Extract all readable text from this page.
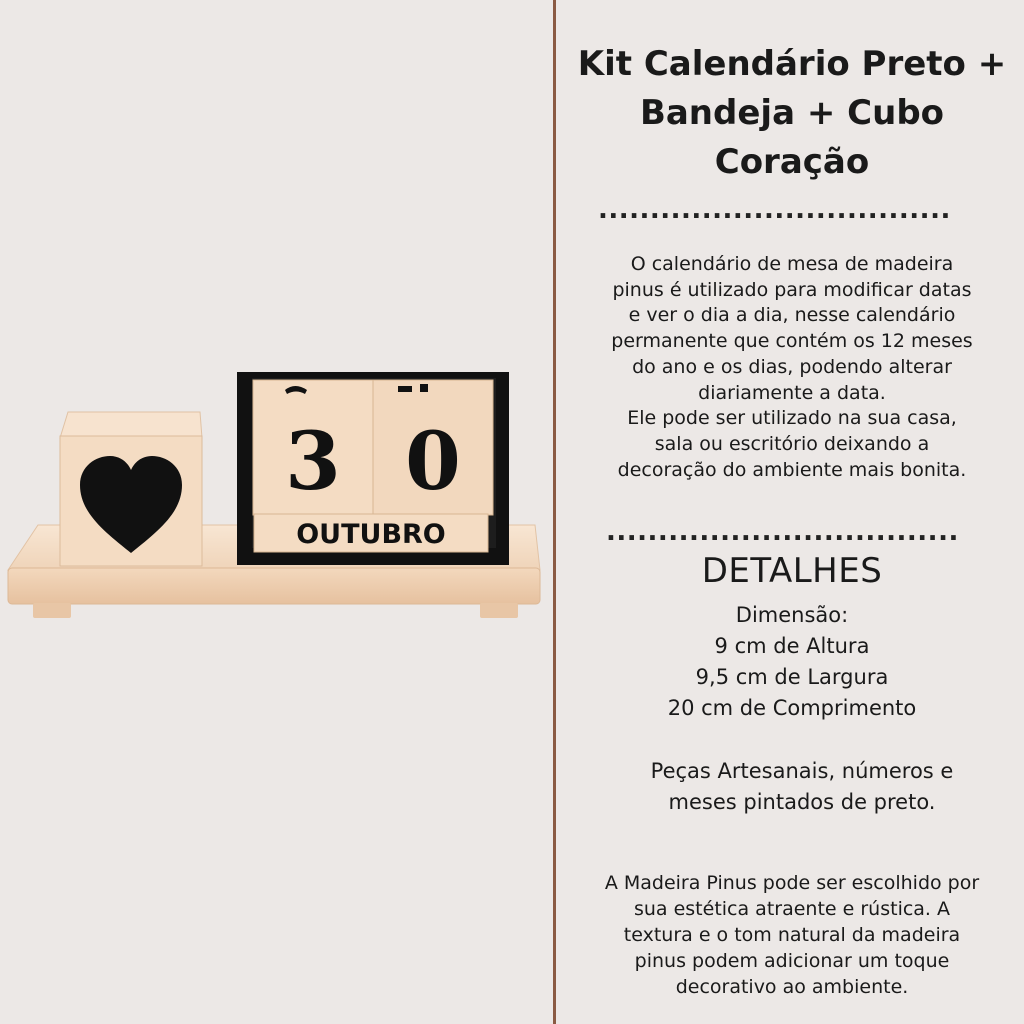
3 0
OUTUBRO
Kit Calendário Preto +
Bandeja + Cubo
Coração
..................................

O calendário de mesa de madeira

pinus é utilizado para modificar datas

e ver o dia a dia, nesse calendário

permanente que contém os 12 meses

do ano e os dias, podendo alterar

diariamente a data.

Ele pode ser utilizado na sua casa,

sala ou escritório deixando a

decoração do ambiente mais bonita.

..................................
DETALHES
Dimensão:
9 cm de Altura
9,5 cm de Largura
20 cm de Comprimento
Peças Artesanais, números e
meses pintados de preto.
A Madeira Pinus pode ser escolhido por
sua estética atraente e rústica. A
textura e o tom natural da madeira
pinus podem adicionar um toque
decorativo ao ambiente.
